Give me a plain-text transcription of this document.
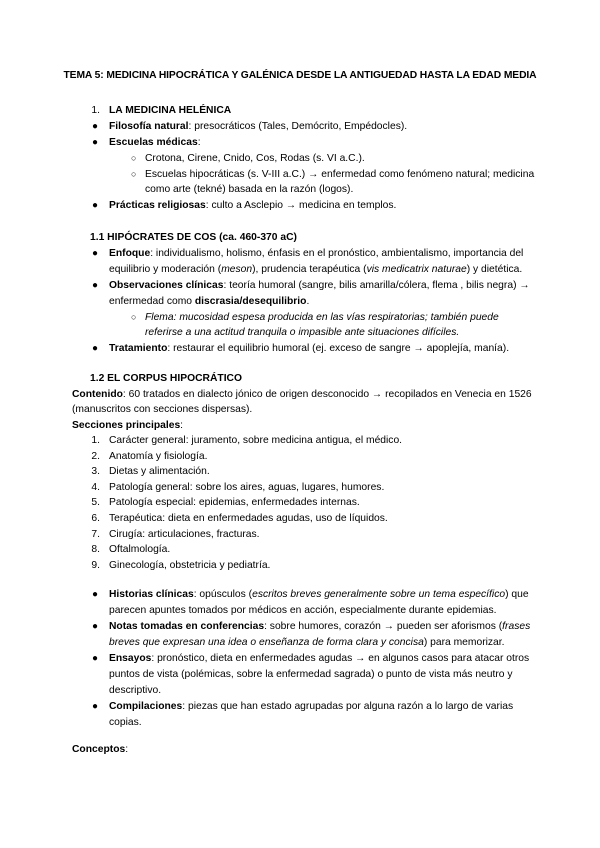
TEMA 5: MEDICINA HIPOCRÁTICA Y GALÉNICA DESDE LA ANTIGUEDAD HASTA LA EDAD MEDIA
1. LA MEDICINA HELÉNICA
● Filosofía natural: presocráticos (Tales, Demócrito, Empédocles).
● Escuelas médicas:
○ Crotona, Cirene, Cnido, Cos, Rodas (s. VI a.C.).
○ Escuelas hipocráticas (s. V-III a.C.) → enfermedad como fenómeno natural; medicina
como arte (tekné) basada en la razón (logos).
● Prácticas religiosas: culto a Asclepio → medicina en templos.
1.1 HIPÓCRATES DE COS (ca. 460-370 aC)
● Enfoque: individualismo, holismo, énfasis en el pronóstico, ambientalismo, importancia del
equilibrio y moderación (meson), prudencia terapéutica (vis medicatrix naturae) y dietética.
● Observaciones clínicas: teoría humoral (sangre, bilis amarilla/cólera, flema , bilis negra) →
enfermedad como discrasia/desequilibrio.
○ Flema: mucosidad espesa producida en las vías respiratorias; también puede
referirse a una actitud tranquila o impasible ante situaciones difíciles.
● Tratamiento: restaurar el equilibrio humoral (ej. exceso de sangre → apoplejía, manía).
1.2 EL CORPUS HIPOCRÁTICO
Contenido: 60 tratados en dialecto jónico de origen desconocido → recopilados en Venecia en 1526
(manuscritos con secciones dispersas).
Secciones principales:
1. Carácter general: juramento, sobre medicina antigua, el médico.
2. Anatomía y fisiología.
3. Dietas y alimentación.
4. Patología general: sobre los aires, aguas, lugares, humores.
5. Patología especial: epidemias, enfermedades internas.
6. Terapéutica: dieta en enfermedades agudas, uso de líquidos.
7. Cirugía: articulaciones, fracturas.
8. Oftalmología.
9. Ginecología, obstetricia y pediatría.
● Historias clínicas: opúsculos (escritos breves generalmente sobre un tema específico) que
parecen apuntes tomados por médicos en acción, especialmente durante epidemias.
● Notas tomadas en conferencias: sobre humores, corazón → pueden ser aforismos (frases
breves que expresan una idea o enseñanza de forma clara y concisa) para memorizar.
● Ensayos: pronóstico, dieta en enfermedades agudas → en algunos casos para atacar otros
puntos de vista (polémicas, sobre la enfermedad sagrada) o punto de vista más neutro y
descriptivo.
● Compilaciones: piezas que han estado agrupadas por alguna razón a lo largo de varias
copias.
Conceptos:
